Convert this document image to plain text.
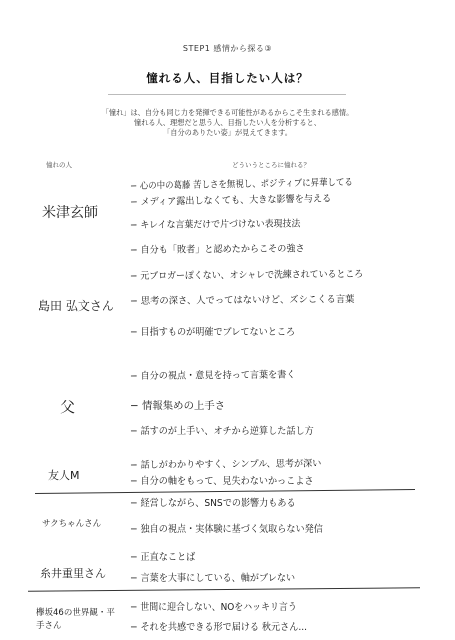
STEP1 感情から探る③
憧れる人、目指したい人は？
「憧れ」は、自分も同じ力を発揮できる可能性があるからこそ生まれる感情。
憧れる人、理想だと思う人、目指したい人を分析すると、
「自分のありたい姿」が見えてきます。
憧れの人	どういうところに憧れる？
米津玄師
− 心の中の葛藤 苦しさを無視し、ポジティブに昇華してる
− メディア露出しなくても、大きな影響を与える
− キレイな言葉だけで片づけない表現技法
− 自分も「敗者」と認めたからこその強さ
島田 弘文さん
− 元ブロガーぽくない、オシャレで洗練されているところ
− 思考の深さ、人でってはないけど、ズシこくる言葉
− 目指すものが明確でブレてないところ
父
− 自分の視点・意見を持って言葉を書く
− 情報集めの上手さ
− 話すのが上手い、オチから逆算した話し方
友人M
− 話しがわかりやすく、シンプル、思考が深い
− 自分の軸をもって、見失わないかっこよさ
サクちゃんさん
− 経営しながら、SNSでの影響力もある
− 独自の視点・実体験に基づく気取らない発信
糸井重里さん
− 正直なことば
− 言葉を大事にしている、軸がブレない
欅坂46の世界観・平手さん
− 世間に迎合しない、NOをハッキリ言う
− それを共感できる形で届ける 秋元さん...
